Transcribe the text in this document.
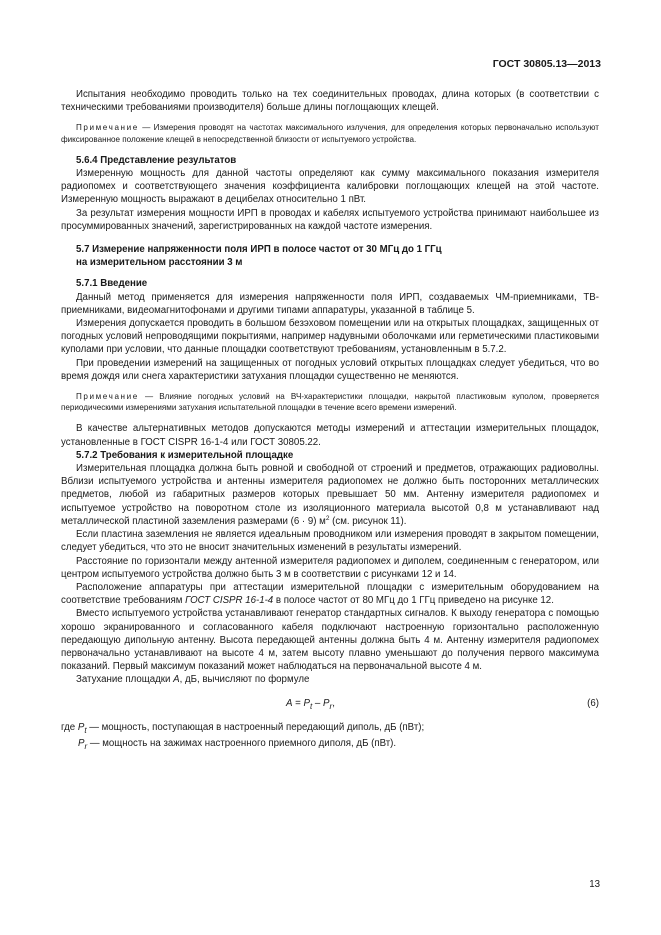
ГОСТ 30805.13—2013

Испытания необходимо проводить только на тех соединительных проводах, длина которых (в соответствии с техническими требованиями производителя) больше длины поглощающих клещей.

Примечание — Измерения проводят на частотах максимального излучения, для определения которых первоначально используют фиксированное положение клещей в непосредственной близости от испытуемого устройства.

5.6.4 Представление результатов

Измеренную мощность для данной частоты определяют как сумму максимального показания измерителя радиопомех и соответствующего значения коэффициента калибровки поглощающих клещей на этой частоте. Измеренную мощность выражают в децибелах относительно 1 пВт.

За результат измерения мощности ИРП в проводах и кабелях испытуемого устройства принимают наибольшее из просуммированных значений, зарегистрированных на каждой частоте измерения.

5.7 Измерение напряженности поля ИРП в полосе частот от 30 МГц до 1 ГГц
на измерительном расстоянии 3 м

5.7.1 Введение

Данный метод применяется для измерения напряженности поля ИРП, создаваемых ЧМ-приемниками, ТВ-приемниками, видеомагнитофонами и другими типами аппаратуры, указанной в таблице 5.

Измерения допускается проводить в большом безэховом помещении или на открытых площадках, защищенных от погодных условий непроводящими покрытиями, например надувными оболочками или герметическими пластиковыми куполами при условии, что данные площадки соответствуют требованиям, установленным в 5.7.2.

При проведении измерений на защищенных от погодных условий открытых площадках следует убедиться, что во время дождя или снега характеристики затухания площадки существенно не меняются.

Примечание — Влияние погодных условий на ВЧ-характеристики площадки, накрытой пластиковым куполом, проверяется периодическими измерениями затухания испытательной площадки в течение всего времени измерений.

В качестве альтернативных методов допускаются методы измерений и аттестации измерительных площадок, установленные в ГОСТ CISPR 16-1-4 или ГОСТ 30805.22.

5.7.2 Требования к измерительной площадке

Измерительная площадка должна быть ровной и свободной от строений и предметов, отражающих радиоволны. Вблизи испытуемого устройства и антенны измерителя радиопомех не должно быть посторонних металлических предметов, любой из габаритных размеров которых превышает 50 мм. Антенну измерителя радиопомех и испытуемое устройство на поворотном столе из изоляционного материала высотой 0,8 м устанавливают над металлической пластиной заземления размерами (6 · 9) $м^2$ (см. рисунок 11).

Если пластина заземления не является идеальным проводником или измерения проводят в закрытом помещении, следует убедиться, что это не вносит значительных изменений в результаты измерений.

Расстояние по горизонтали между антенной измерителя радиопомех и диполем, соединенным с генератором, или центром испытуемого устройства должно быть 3 м в соответствии с рисунками 12 и 14.

Расположение аппаратуры при аттестации измерительной площадки с измерительным оборудованием на соответствие требованиям ГОСТ CISPR 16-1-4 в полосе частот от 80 МГц до 1 ГГц приведено на рисунке 12.

Вместо испытуемого устройства устанавливают генератор стандартных сигналов. К выходу генератора с помощью хорошо экранированного и согласованного кабеля подключают настроенную горизонтально расположенную передающую дипольную антенну. Высота передающей антенны должна быть 4 м. Антенну измерителя радиопомех первоначально устанавливают на высоте 4 м, затем высоту плавно уменьшают до получения первого максимума показаний. Первый максимум показаний может наблюдаться на первоначальной высоте 4 м.

Затухание площадки A, дБ, вычисляют по формуле

$A = P_t - P_r$,	(6)

где $P_t$ — мощность, поступающая в настроенный передающий диполь, дБ (пВт);

$P_r$ — мощность на зажимах настроенного приемного диполя, дБ (пВт).

13
